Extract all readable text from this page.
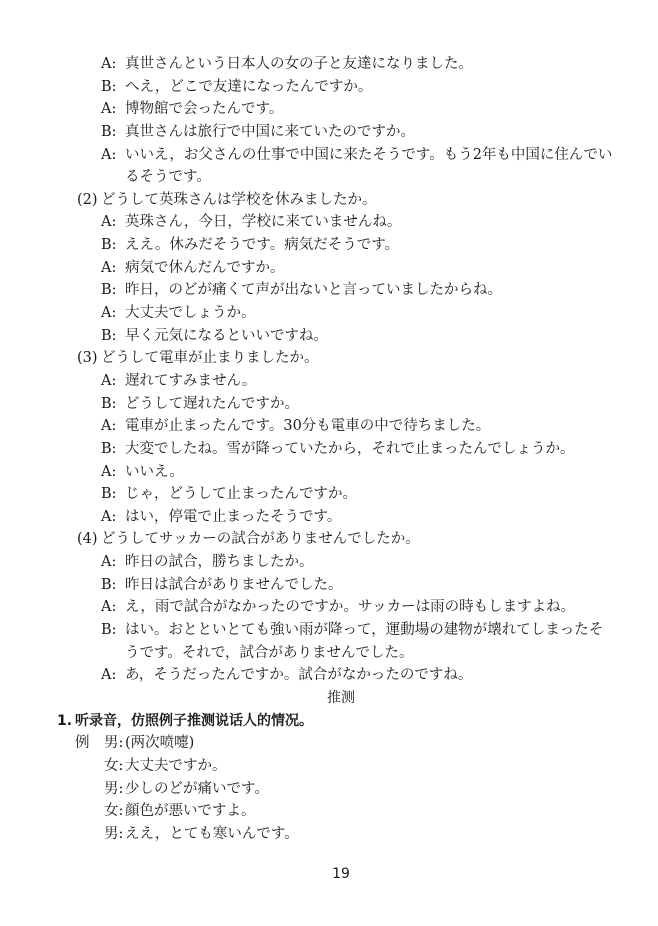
A: 真世さんという日本人の女の子と友達になりました。
B: へえ，どこで友達になったんですか。
A: 博物館で会ったんです。
B: 真世さんは旅行で中国に来ていたのですか。
A: いいえ，お父さんの仕事で中国に来たそうです。もう2年も中国に住んでい
るそうです。
(2) どうして英珠さんは学校を休みましたか。
A: 英珠さん，今日，学校に来ていませんね。
B: ええ。休みだそうです。病気だそうです。
A: 病気で休んだんですか。
B: 昨日，のどが痛くて声が出ないと言っていましたからね。
A: 大丈夫でしょうか。
B: 早く元気になるといいですね。
(3) どうして電車が止まりましたか。
A: 遅れてすみません。
B: どうして遅れたんですか。
A: 電車が止まったんです。30分も電車の中で待ちました。
B: 大変でしたね。雪が降っていたから，それで止まったんでしょうか。
A: いいえ。
B: じゃ，どうして止まったんですか。
A: はい，停電で止まったそうです。
(4) どうしてサッカーの試合がありませんでしたか。
A: 昨日の試合，勝ちましたか。
B: 昨日は試合がありませんでした。
A: え，雨で試合がなかったのですか。サッカーは雨の時もしますよね。
B: はい。おとといとても強い雨が降って，運動場の建物が壊れてしまったそ
うです。それで，試合がありませんでした。
A: あ，そうだったんですか。試合がなかったのですね。
推测
1. 听录音，仿照例子推测说话人的情况。
例 男: (两次喷嚏)
女: 大丈夫ですか。
男: 少しのどが痛いです。
女: 顔色が悪いですよ。
男: ええ，とても寒いんです。
19
